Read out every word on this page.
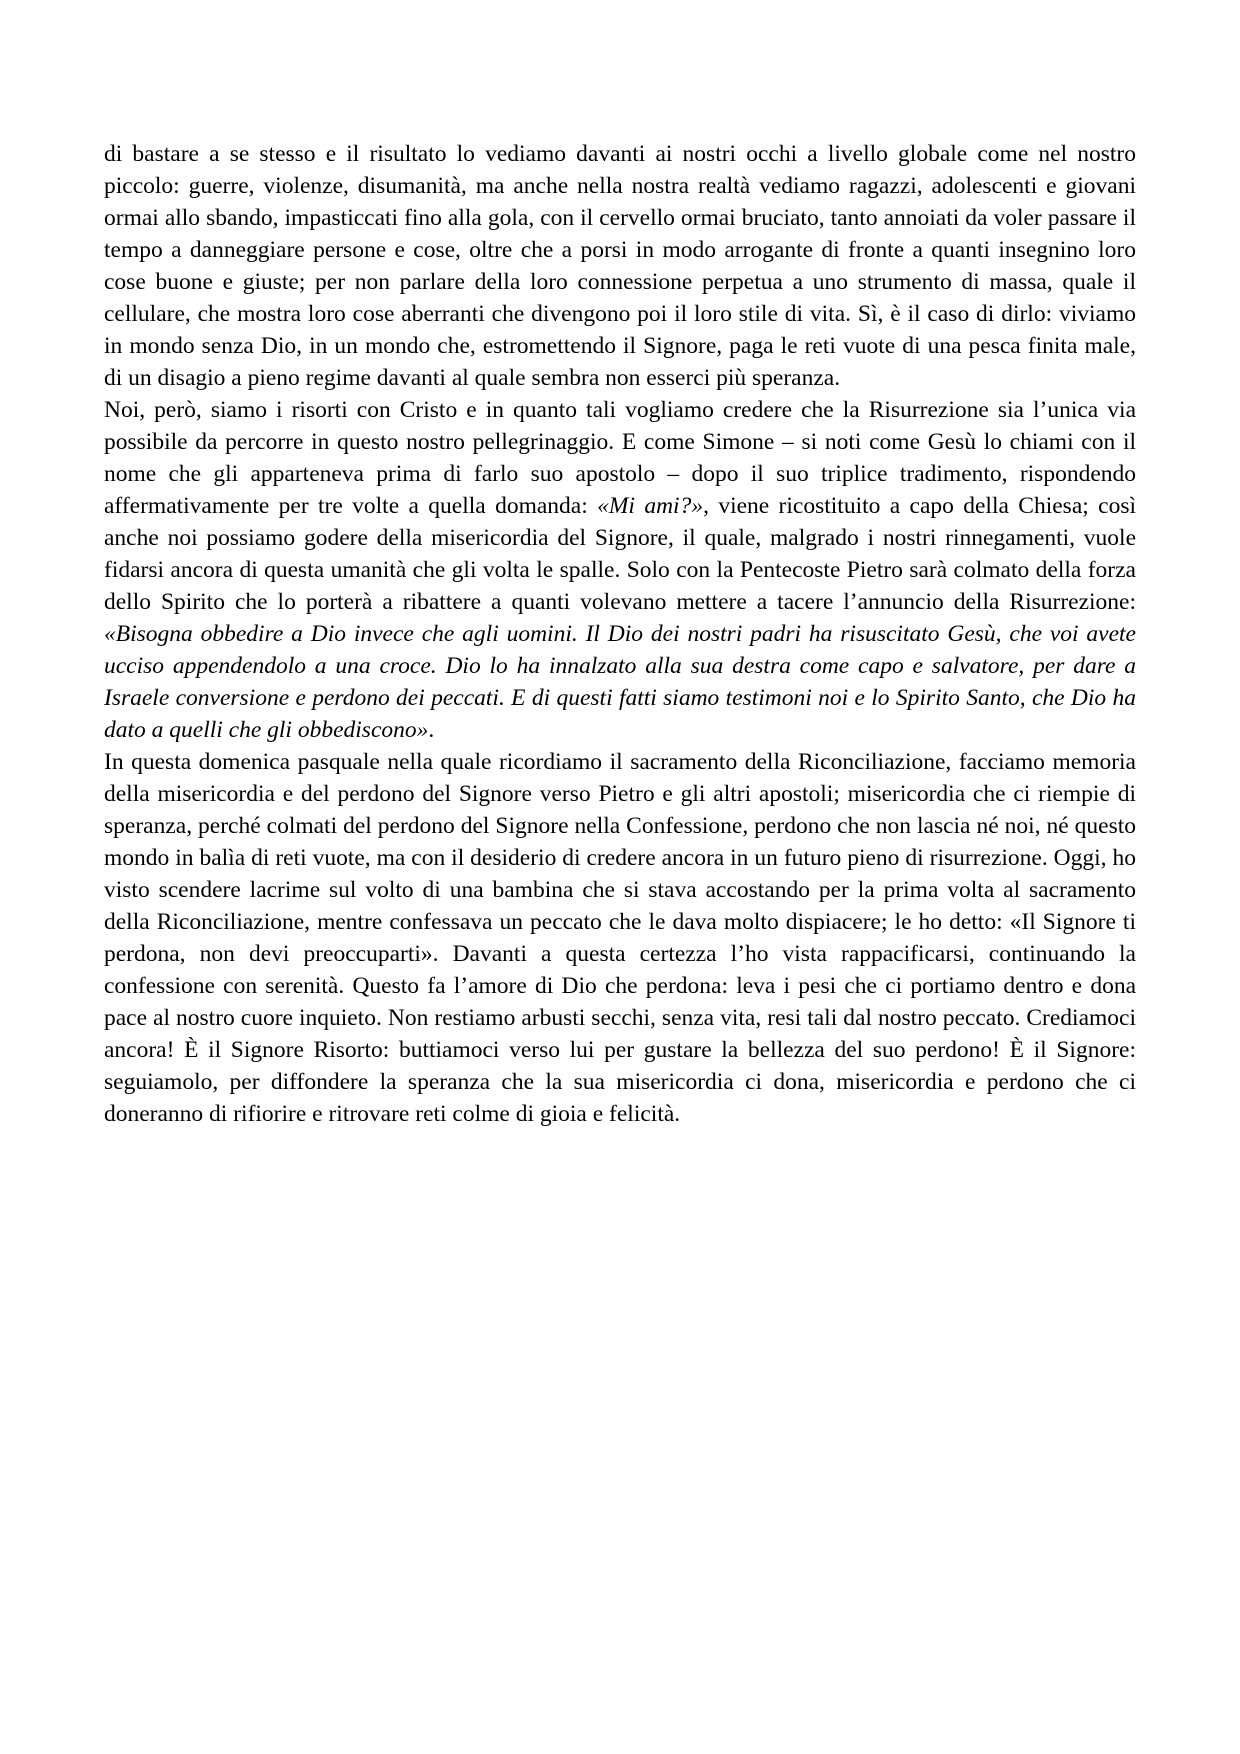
di bastare a se stesso e il risultato lo vediamo davanti ai nostri occhi a livello globale come nel nostro piccolo: guerre, violenze, disumanità, ma anche nella nostra realtà vediamo ragazzi, adolescenti e giovani ormai allo sbando, impasticcati fino alla gola, con il cervello ormai bruciato, tanto annoiati da voler passare il tempo a danneggiare persone e cose, oltre che a porsi in modo arrogante di fronte a quanti insegnino loro cose buone e giuste; per non parlare della loro connessione perpetua a uno strumento di massa, quale il cellulare, che mostra loro cose aberranti che divengono poi il loro stile di vita. Sì, è il caso di dirlo: viviamo in mondo senza Dio, in un mondo che, estromettendo il Signore, paga le reti vuote di una pesca finita male, di un disagio a pieno regime davanti al quale sembra non esserci più speranza.

Noi, però, siamo i risorti con Cristo e in quanto tali vogliamo credere che la Risurrezione sia l’unica via possibile da percorre in questo nostro pellegrinaggio. E come Simone – si noti come Gesù lo chiami con il nome che gli apparteneva prima di farlo suo apostolo – dopo il suo triplice tradimento, rispondendo affermativamente per tre volte a quella domanda: «Mi ami?», viene ricostituito a capo della Chiesa; così anche noi possiamo godere della misericordia del Signore, il quale, malgrado i nostri rinnegamenti, vuole fidarsi ancora di questa umanità che gli volta le spalle. Solo con la Pentecoste Pietro sarà colmato della forza dello Spirito che lo porterà a ribattere a quanti volevano mettere a tacere l’annuncio della Risurrezione: «Bisogna obbedire a Dio invece che agli uomini. Il Dio dei nostri padri ha risuscitato Gesù, che voi avete ucciso appendendolo a una croce. Dio lo ha innalzato alla sua destra come capo e salvatore, per dare a Israele conversione e perdono dei peccati. E di questi fatti siamo testimoni noi e lo Spirito Santo, che Dio ha dato a quelli che gli obbediscono».

In questa domenica pasquale nella quale ricordiamo il sacramento della Riconciliazione, facciamo memoria della misericordia e del perdono del Signore verso Pietro e gli altri apostoli; misericordia che ci riempie di speranza, perché colmati del perdono del Signore nella Confessione, perdono che non lascia né noi, né questo mondo in balìa di reti vuote, ma con il desiderio di credere ancora in un futuro pieno di risurrezione. Oggi, ho visto scendere lacrime sul volto di una bambina che si stava accostando per la prima volta al sacramento della Riconciliazione, mentre confessava un peccato che le dava molto dispiacere; le ho detto: «Il Signore ti perdona, non devi preoccuparti». Davanti a questa certezza l’ho vista rappacificarsi, continuando la confessione con serenità. Questo fa l’amore di Dio che perdona: leva i pesi che ci portiamo dentro e dona pace al nostro cuore inquieto. Non restiamo arbusti secchi, senza vita, resi tali dal nostro peccato. Crediamoci ancora! È il Signore Risorto: buttiamoci verso lui per gustare la bellezza del suo perdono! È il Signore: seguiamolo, per diffondere la speranza che la sua misericordia ci dona, misericordia e perdono che ci doneranno di rifiorire e ritrovare reti colme di gioia e felicità.
